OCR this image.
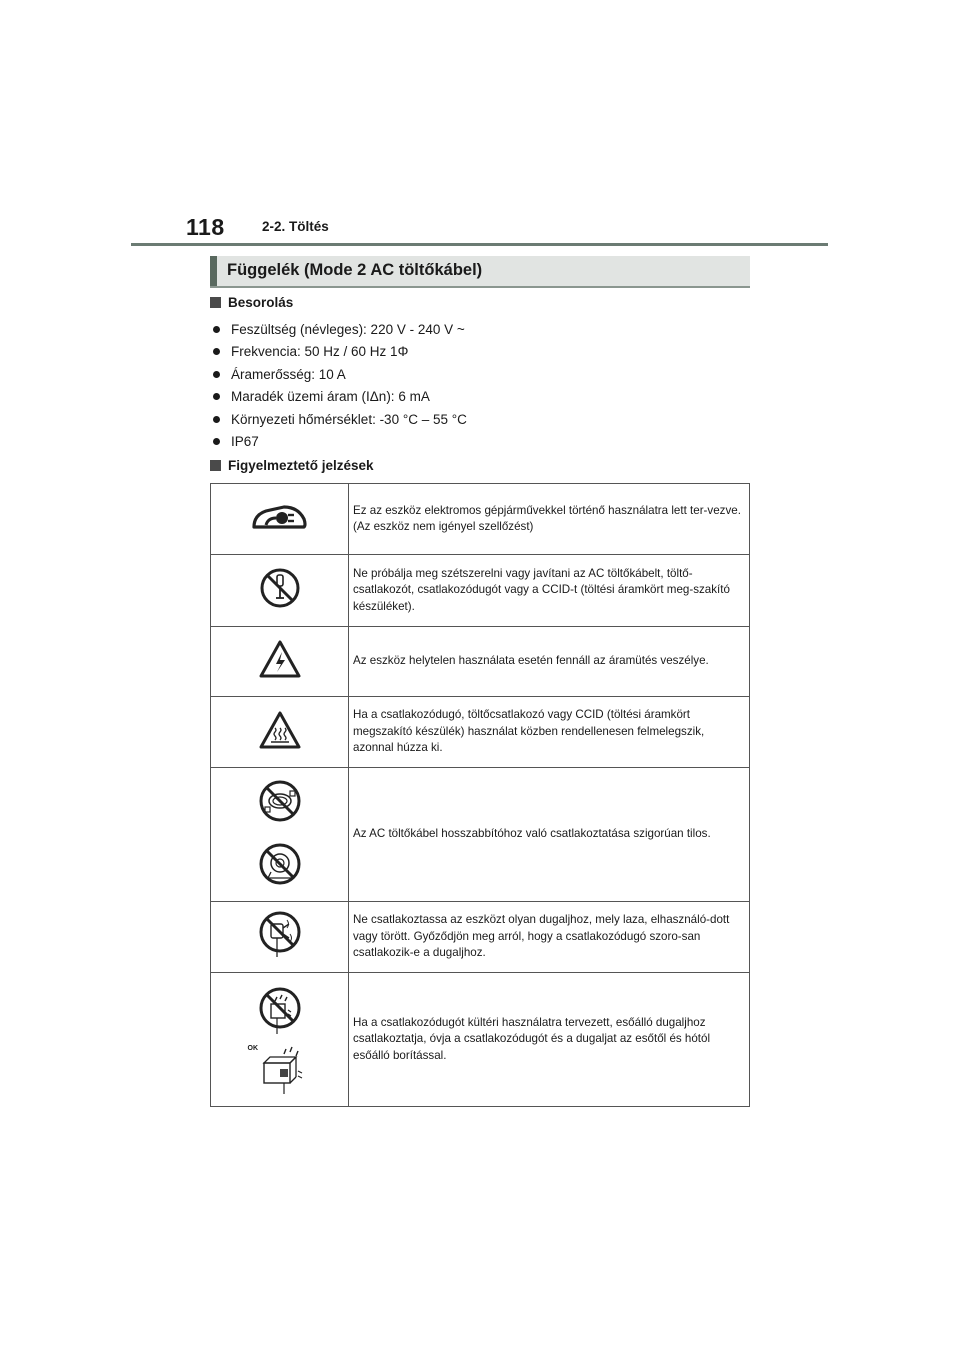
118	2-2. Töltés
Függelék (Mode 2 AC töltőkábel)
Besorolás
Feszültség (névleges): 220 V - 240 V ~
Frekvencia: 50 Hz / 60 Hz 1Φ
Áramerősség: 10 A
Maradék üzemi áram (IΔn): 6 mA
Környezeti hőmérséklet: -30 °C – 55 °C
IP67
Figyelmeztető jelzések
	Ez az eszköz elektromos gépjárművekkel történő használatra lett ter-vezve. (Az eszköz nem igényel szellőzést)
	Ne próbálja meg szétszerelni vagy javítani az AC töltőkábelt, töltő-csatlakozót, csatlakozódugót vagy a CCID-t (töltési áramkört meg-szakító készüléket).
	Az eszköz helytelen használata esetén fennáll az áramütés veszélye.
	Ha a csatlakozódugó, töltőcsatlakozó vagy CCID (töltési áramkört megszakító készülék) használat közben rendellenesen felmelegszik, azonnal húzza ki.

	Az AC töltőkábel hosszabbítóhoz való csatlakoztatása szigorúan tilos.
	Ne csatlakoztassa az eszközt olyan dugaljhoz, mely laza, elhasználó-dott vagy törött. Győződjön meg arról, hogy a csatlakozódugó szoro-san csatlakozik-e a dugaljhoz.

OK	Ha a csatlakozódugót kültéri használatra tervezett, esőálló dugaljhoz csatlakoztatja, óvja a csatlakozódugót és a dugaljat az esőtől és hótól esőálló borítással.
